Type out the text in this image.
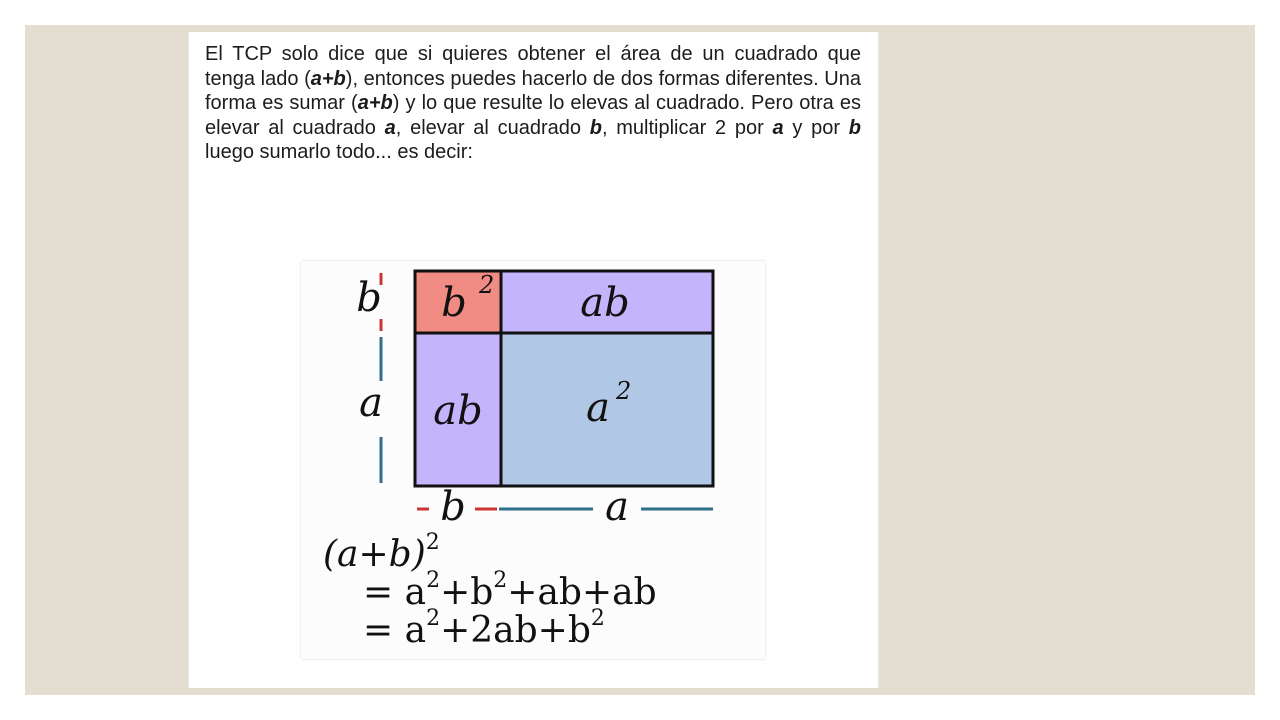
El TCP solo dice que si quieres obtener el área de un cuadrado que tenga lado (a+b), entonces puedes hacerlo de dos formas diferentes. Una forma es sumar (a+b) y lo que resulte lo elevas al cuadrado. Pero otra es elevar al cuadrado a, elevar al cuadrado b, multiplicar 2 por a y por b luego sumarlo todo... es decir:

b
a
b 2 ab
ab	a 2
b	a
$(a+b)^2$
= $a^2+b^2+ab+ab$
= $a^2+2ab+b^2$
